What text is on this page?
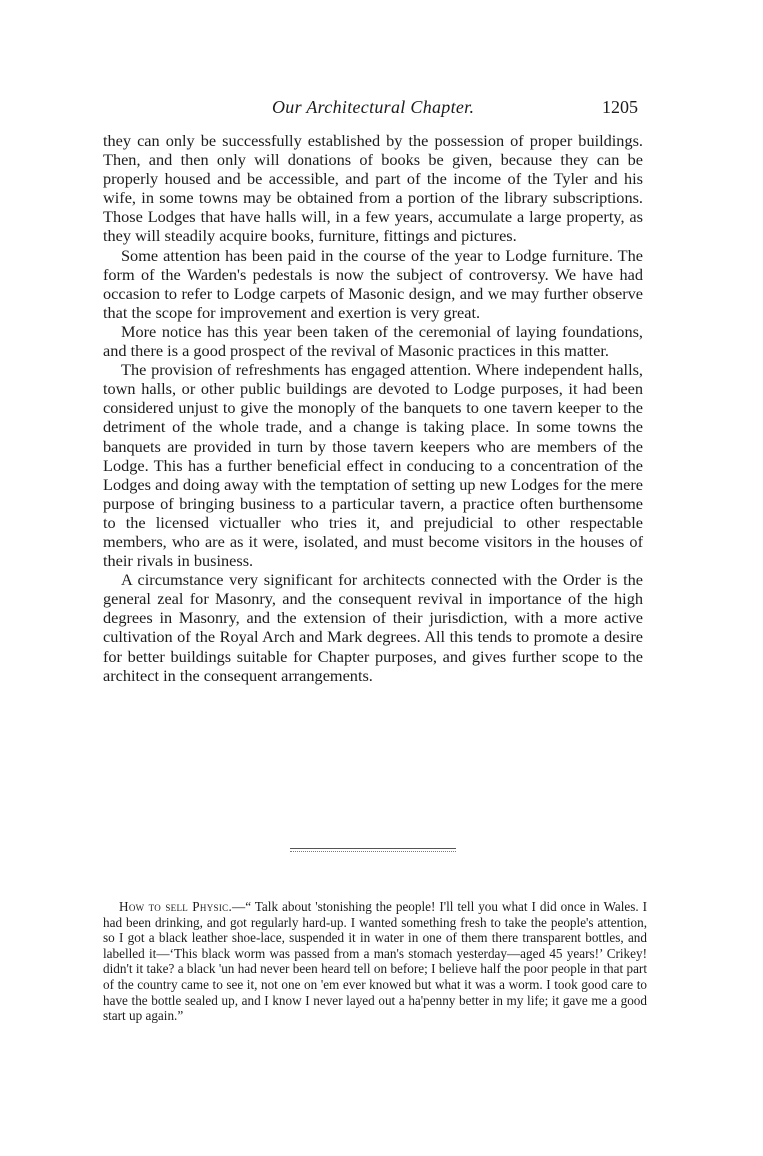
Our Architectural Chapter.	1205

they can only be successfully established by the possession of proper buildings. Then, and then only will donations of books be given, because they can be properly housed and be accessible, and part of the income of the Tyler and his wife, in some towns may be obtained from a portion of the library subscriptions. Those Lodges that have halls will, in a few years, accumulate a large property, as they will steadily acquire books, furniture, fittings and pictures.

Some attention has been paid in the course of the year to Lodge furniture. The form of the Warden's pedestals is now the subject of controversy. We have had occasion to refer to Lodge carpets of Masonic design, and we may further observe that the scope for improvement and exertion is very great.

More notice has this year been taken of the ceremonial of laying foundations, and there is a good prospect of the revival of Masonic practices in this matter.

The provision of refreshments has engaged attention. Where independent halls, town halls, or other public buildings are devoted to Lodge purposes, it had been considered unjust to give the monoply of the banquets to one tavern keeper to the detriment of the whole trade, and a change is taking place. In some towns the banquets are provided in turn by those tavern keepers who are members of the Lodge. This has a further beneficial effect in conducing to a concentration of the Lodges and doing away with the temptation of setting up new Lodges for the mere purpose of bringing business to a particular tavern, a practice often burthensome to the licensed victualler who tries it, and prejudicial to other respectable members, who are as it were, isolated, and must become visitors in the houses of their rivals in business.

A circumstance very significant for architects connected with the Order is the general zeal for Masonry, and the consequent revival in importance of the high degrees in Masonry, and the extension of their jurisdiction, with a more active cultivation of the Royal Arch and Mark degrees. All this tends to promote a desire for better buildings suitable for Chapter purposes, and gives further scope to the architect in the consequent arrangements.

How to sell Physic.—“ Talk about 'stonishing the people! I'll tell you what I did once in Wales. I had been drinking, and got regularly hard-up. I wanted something fresh to take the people's attention, so I got a black leather shoe-lace, suspended it in water in one of them there transparent bottles, and labelled it—‘This black worm was passed from a man's stomach yesterday—aged 45 years!’ Crikey! didn't it take? a black 'un had never been heard tell on before; I believe half the poor people in that part of the country came to see it, not one on 'em ever knowed but what it was a worm. I took good care to have the bottle sealed up, and I know I never layed out a ha'penny better in my life; it gave me a good start up again.”
